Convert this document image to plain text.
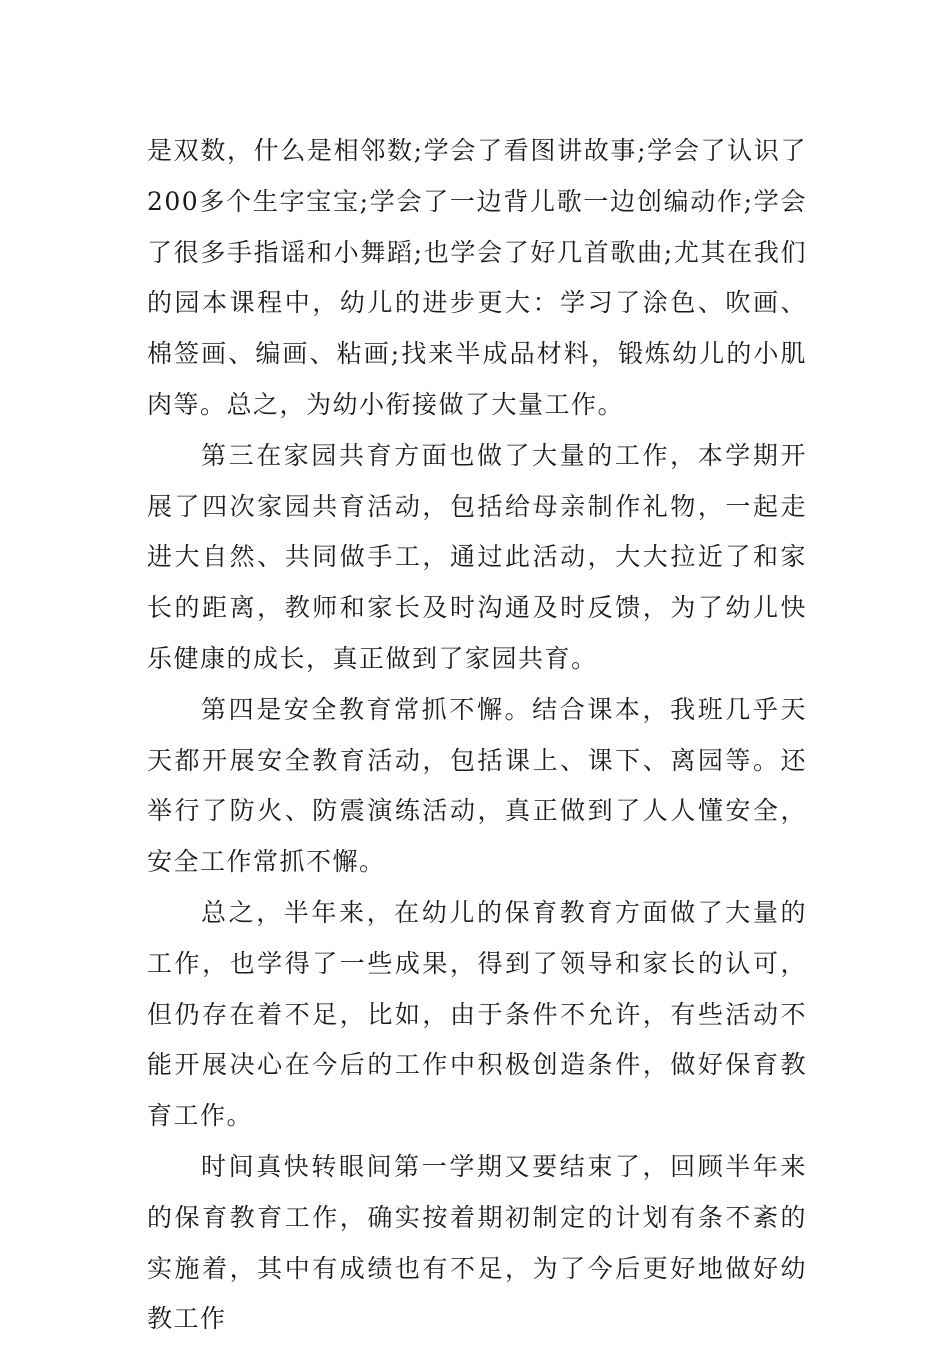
是双数，什么是相邻数;学会了看图讲故事;学会了认识了200多个生字宝宝;学会了一边背儿歌一边创编动作;学会了很多手指谣和小舞蹈;也学会了好几首歌曲;尤其在我们的园本课程中，幼儿的进步更大：学习了涂色、吹画、棉签画、编画、粘画;找来半成品材料，锻炼幼儿的小肌肉等。总之，为幼小衔接做了大量工作。

第三在家园共育方面也做了大量的工作，本学期开展了四次家园共育活动，包括给母亲制作礼物，一起走进大自然、共同做手工，通过此活动，大大拉近了和家长的距离，教师和家长及时沟通及时反馈，为了幼儿快乐健康的成长，真正做到了家园共育。

第四是安全教育常抓不懈。结合课本，我班几乎天天都开展安全教育活动，包括课上、课下、离园等。还举行了防火、防震演练活动，真正做到了人人懂安全，安全工作常抓不懈。

总之，半年来，在幼儿的保育教育方面做了大量的工作，也学得了一些成果，得到了领导和家长的认可，但仍存在着不足，比如，由于条件不允许，有些活动不能开展决心在今后的工作中积极创造条件，做好保育教育工作。

时间真快转眼间第一学期又要结束了，回顾半年来的保育教育工作，确实按着期初制定的计划有条不紊的实施着，其中有成绩也有不足，为了今后更好地做好幼教工作
